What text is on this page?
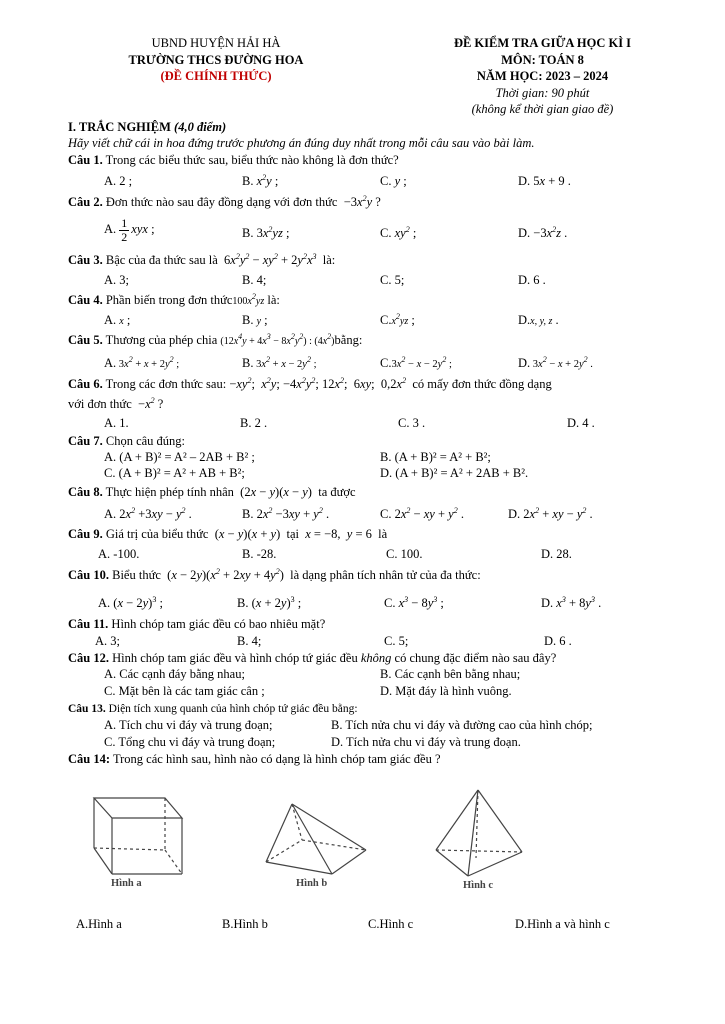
UBND HUYỆN HẢI HÀ
TRƯỜNG THCS ĐƯỜNG HOA
(ĐỀ CHÍNH THỨC)
ĐỀ KIỂM TRA GIỮA HỌC KÌ I
MÔN: TOÁN 8
NĂM HỌC: 2023 – 2024
Thời gian: 90 phút
(không kể thời gian giao đề)
I. TRẮC NGHIỆM (4,0 điểm)
Hãy viết chữ cái in hoa đứng trước phương án đúng duy nhất trong mỗi câu sau vào bài làm.
Câu 1. Trong các biểu thức sau, biểu thức nào không là đơn thức?
A. 2 ;	B. $x^2y$ ;	C. y ;	D. 5x + 9 .
Câu 2. Đơn thức nào sau đây đồng dạng với đơn thức  $-3x^2y$ ?
A. $\frac{1}{2}$ xyx ;	B. $3x^2yz$ ;	C. $xy^2$ ;	D. $-3x^2z$ .
Câu 3. Bậc của đa thức sau là  $6x^2y^2 - xy^2 + 2y^2x^3$ là:
A. 3;	B. 4;	C. 5;	D. 6 .
Câu 4. Phần biến trong đơn $thức100x^2yz$ là:
A. x ;	B. y ;	$C.x^2yz$ ;	D.x, y, z .
Câu 5. Thương của phép chia $(12x^4y + 4x^3 - 8x^2y^2)$ : $(4x^2)bằng$:
A. $3x^2 + x + 2y^2$ ;	B. $3x^2 + x - 2y^2$ ;	$C.3x^2 - x - 2y^2$ ;	D. $3x^2 - x + 2y^2$ .
Câu 6. Trong các đơn thức sau: $-xy^2$;  $x^2y$; $-4x^2y^2$; $12x^2$;  6xy;  $0,2x^2$ có mấy đơn thức đồng dạng
với đơn thức  $-x^2$ ?
A. 1.	B. 2 .	C. 3 .	D. 4 .
Câu 7. Chọn câu đúng:
A. (A + B)² = A² – 2AB + B² ;	B. (A + B)² = A² + B²;
C. (A + B)² = A² + AB + B²;	D. (A + B)² = A² + 2AB + B².
Câu 8. Thực hiện phép tính nhân  (2x − y)(x − y)  ta được
A. $2x^2 +3xy - y^2$ .	B. $2x^2 -3xy + y^2$ .	C. $2x^2$ − xy + $y^2$ .	D. $2x^2$ + xy − $y^2$ .
Câu 9. Giá trị của biểu thức  (x − y)(x + y)  tại x = −8,  y = 6  là
A. -100.	B. -28.	C. 100.	D. 28.
Câu 10. Biểu thức  $(x - 2y)(x^2 + 2xy + 4y^2)$  là dạng phân tích nhân tử của đa thức:
A. $(x - 2y)^3$ ;	B. $(x + 2y)^3$ ;	C. $x^3 - 8y^3$ ;	D. $x^3 + 8y^3$ .
Câu 11. Hình chóp tam giác đều có bao nhiêu mặt?
A. 3;	B. 4;	C. 5;	D. 6 .
Câu 12. Hình chóp tam giác đều và hình chóp tứ giác đều không có chung đặc điểm nào sau đây?
A. Các cạnh đáy bằng nhau;	B. Các cạnh bên bằng nhau;
C. Mặt bên là các tam giác cân ;	D. Mặt đáy là hình vuông.
Câu 13. Diện tích xung quanh của hình chóp tứ giác đều bằng:
A. Tích chu vi đáy và trung đoạn;	B. Tích nửa chu vi đáy và đường cao của hình chóp;
C. Tổng chu vi đáy và trung đoạn;	D. Tích nửa chu vi đáy và trung đoạn.
Câu 14: Trong các hình sau, hình nào có dạng là hình chóp tam giác đều ?
Hình a	Hình b	Hình c
A.Hình a	B.Hình b	C.Hình c	D.Hình a và hình c
